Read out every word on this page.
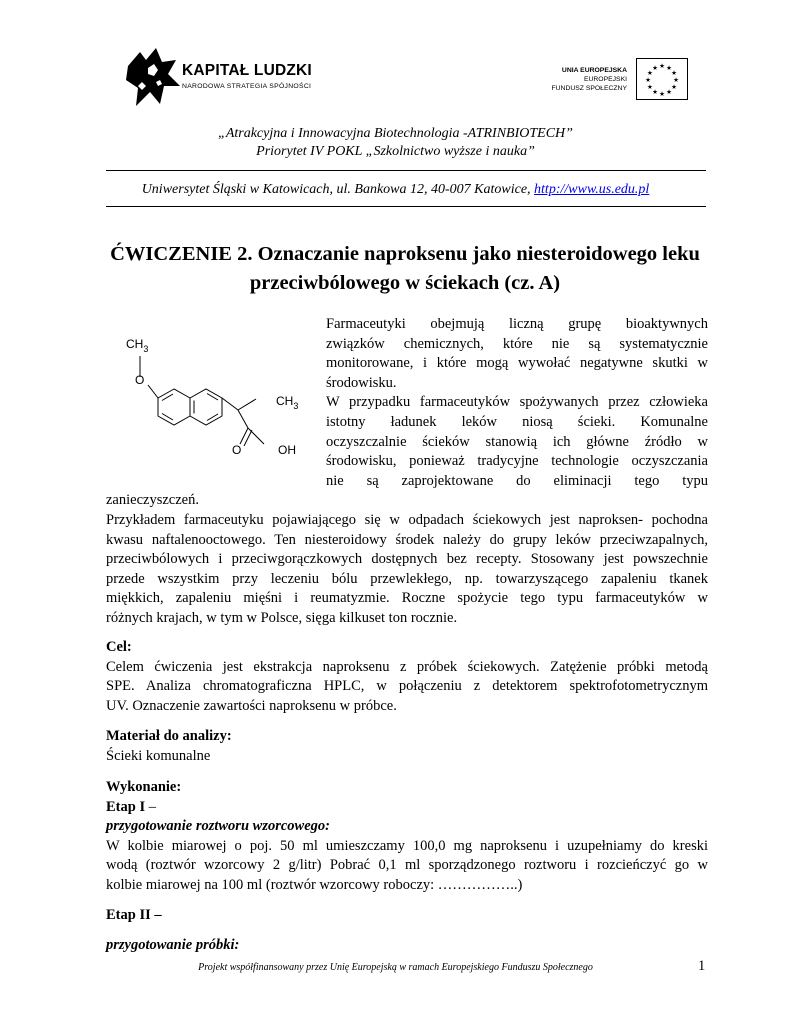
KAPITAŁ LUDZKI
NARODOWA STRATEGIA SPÓJNOŚCI
UNIA EUROPEJSKA
EUROPEJSKI
FUNDUSZ SPOŁECZNY
★ ★
★
★
★
★
★
★
★
★
★
★
„Atrakcyjna i Innowacyjna Biotechnologia -ATRINBIOTECH”
Priorytet IV POKL „Szkolnictwo wyższe i nauka”
Uniwersytet Śląski w Katowicach, ul. Bankowa 12, 40-007 Katowice, http://www.us.edu.pl
ĆWICZENIE 2. Oznaczanie naproksenu jako niesteroidowego leku
przeciwbólowego w ściekach (cz. A)
$CH_3$
O
$CH_3$
O	OH
Farmaceutyki obejmują liczną grupę bioaktywnych
związków chemicznych, które nie są systematycznie
monitorowane, i które mogą wywołać negatywne skutki w
środowisku.
W przypadku farmaceutyków spożywanych przez człowieka
istotny ładunek leków niosą ścieki. Komunalne
oczyszczalnie ścieków stanowią ich główne źródło w
środowisku, ponieważ tradycyjne technologie oczyszczania
nie są zaprojektowane do eliminacji tego typu
zanieczyszczeń.
Przykładem farmaceutyku pojawiającego się w odpadach ściekowych jest naproksen- pochodna
kwasu naftalenooctowego. Ten niesteroidowy środek należy do grupy leków przeciwzapalnych,
przeciwbólowych i przeciwgorączkowych dostępnych bez recepty. Stosowany jest powszechnie
przede wszystkim przy leczeniu bólu przewlekłego, np. towarzyszącego zapaleniu tkanek
miękkich, zapaleniu mięśni i reumatyzmie. Roczne spożycie tego typu farmaceutyków w
różnych krajach, w tym w Polsce, sięga kilkuset ton rocznie.
Cel:
Celem ćwiczenia jest ekstrakcja naproksenu z próbek ściekowych. Zatężenie próbki metodą
SPE. Analiza chromatograficzna HPLC, w połączeniu z detektorem spektrofotometrycznym
UV. Oznaczenie zawartości naproksenu w próbce.
Materiał do analizy:
Ścieki komunalne
Wykonanie:
Etap I –
przygotowanie roztworu wzorcowego:
W kolbie miarowej o poj. 50 ml umieszczamy 100,0 mg naproksenu i uzupełniamy do kreski
wodą (roztwór wzorcowy 2 g/litr) Pobrać 0,1 ml sporządzonego roztworu i rozcieńczyć go w
kolbie miarowej na 100 ml (roztwór wzorcowy roboczy: ……………..)
Etap II –
przygotowanie próbki:
Projekt współfinansowany przez Unię Europejską w ramach Europejskiego Funduszu Społecznego	1
